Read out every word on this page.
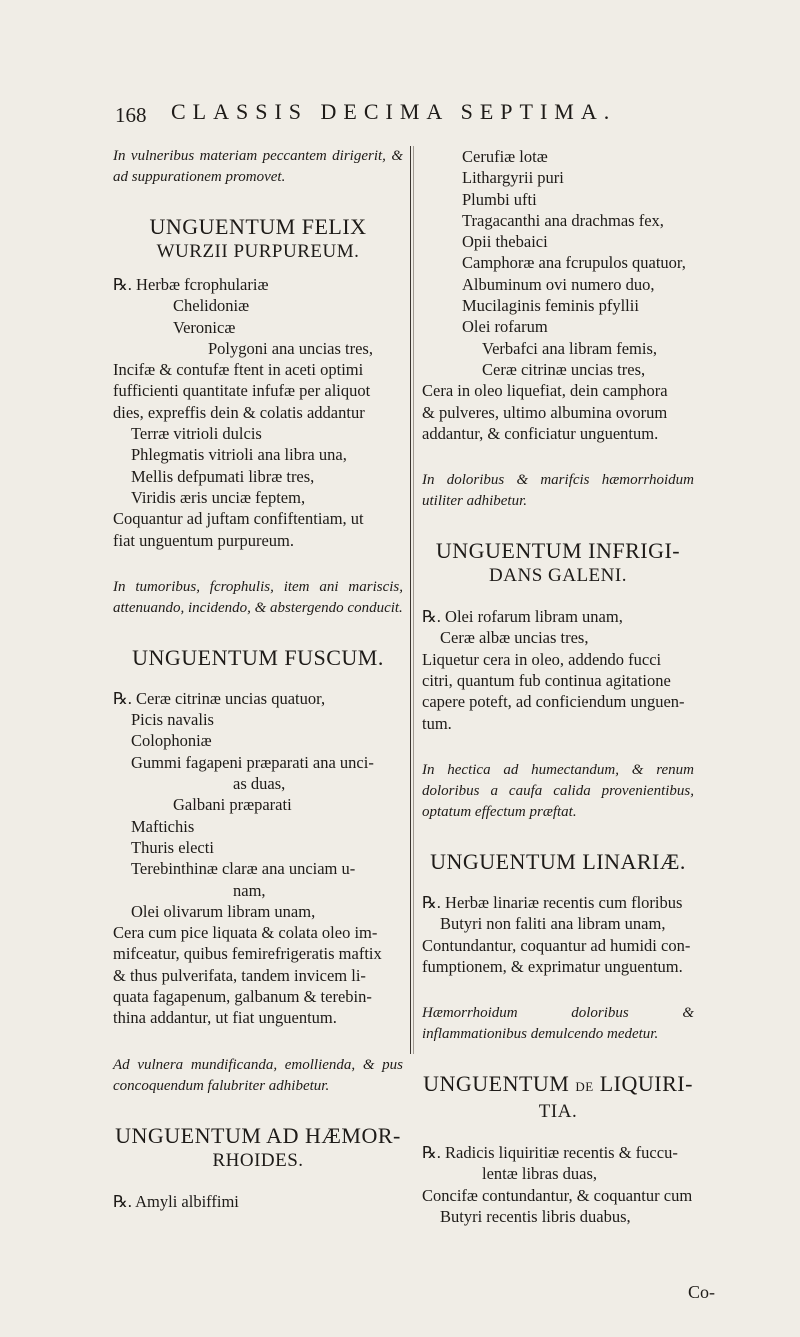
168 CLASSIS DECIMA SEPTIMA.

In vulneribus materiam peccantem dirigerit, & ad suppurationem promovet.

UNGUENTUM FELIX

WURZII PURPUREUM.

℞. Herbæ fcrophulariæ

Chelidoniæ

Veronicæ

Polygoni ana uncias tres,

Incifæ & contufæ ftent in aceti optimi

fufficienti quantitate infufæ per aliquot

dies, expreffis dein & colatis addantur

Terræ vitrioli dulcis

Phlegmatis vitrioli ana libra una,

Mellis defpumati libræ tres,

Viridis æris unciæ feptem,

Coquantur ad juftam confiftentiam, ut

fiat unguentum purpureum.

In tumoribus, fcrophulis, item ani mariscis, attenuando, incidendo, & abstergendo conducit.

UNGUENTUM FUSCUM.

℞. Ceræ citrinæ uncias quatuor,

Picis navalis

Colophoniæ

Gummi fagapeni præparati ana unci-

as duas,

Galbani præparati

Maftichis

Thuris electi

Terebinthinæ claræ ana unciam u-

nam,

Olei olivarum libram unam,

Cera cum pice liquata & colata oleo im-

mifceatur, quibus femirefrigeratis maftix

& thus pulverifata, tandem invicem li-

quata fagapenum, galbanum & terebin-

thina addantur, ut fiat unguentum.

Ad vulnera mundificanda, emollienda, & pus concoquendum falubriter adhibetur.

UNGUENTUM AD HÆMOR-

RHOIDES.

℞. Amyli albiffimi

Cerufiæ lotæ

Lithargyrii puri

Plumbi ufti

Tragacanthi ana drachmas fex,

Opii thebaici

Camphoræ ana fcrupulos quatuor,

Albuminum ovi numero duo,

Mucilaginis feminis pfyllii

Olei rofarum

Verbafci ana libram femis,

Ceræ citrinæ uncias tres,

Cera in oleo liquefiat, dein camphora

& pulveres, ultimo albumina ovorum

addantur, & conficiatur unguentum.

In doloribus & marifcis hæmorrhoidum utiliter adhibetur.

UNGUENTUM INFRIGI-

DANS GALENI.

℞. Olei rofarum libram unam,

Ceræ albæ uncias tres,

Liquetur cera in oleo, addendo fucci

citri, quantum fub continua agitatione

capere poteft, ad conficiendum unguen-

tum.

In hectica ad humectandum, & renum doloribus a caufa calida provenientibus, optatum effectum præftat.

UNGUENTUM LINARIÆ.

℞. Herbæ linariæ recentis cum floribus

Butyri non faliti ana libram unam,

Contundantur, coquantur ad humidi con-

fumptionem, & exprimatur unguentum.

Hæmorrhoidum doloribus & inflammationibus demulcendo medetur.

UNGUENTUM DE LIQUIRI-

TIA.

℞. Radicis liquiritiæ recentis & fuccu-

lentæ libras duas,

Concifæ contundantur, & coquantur cum

Butyri recentis libris duabus,

Co-
